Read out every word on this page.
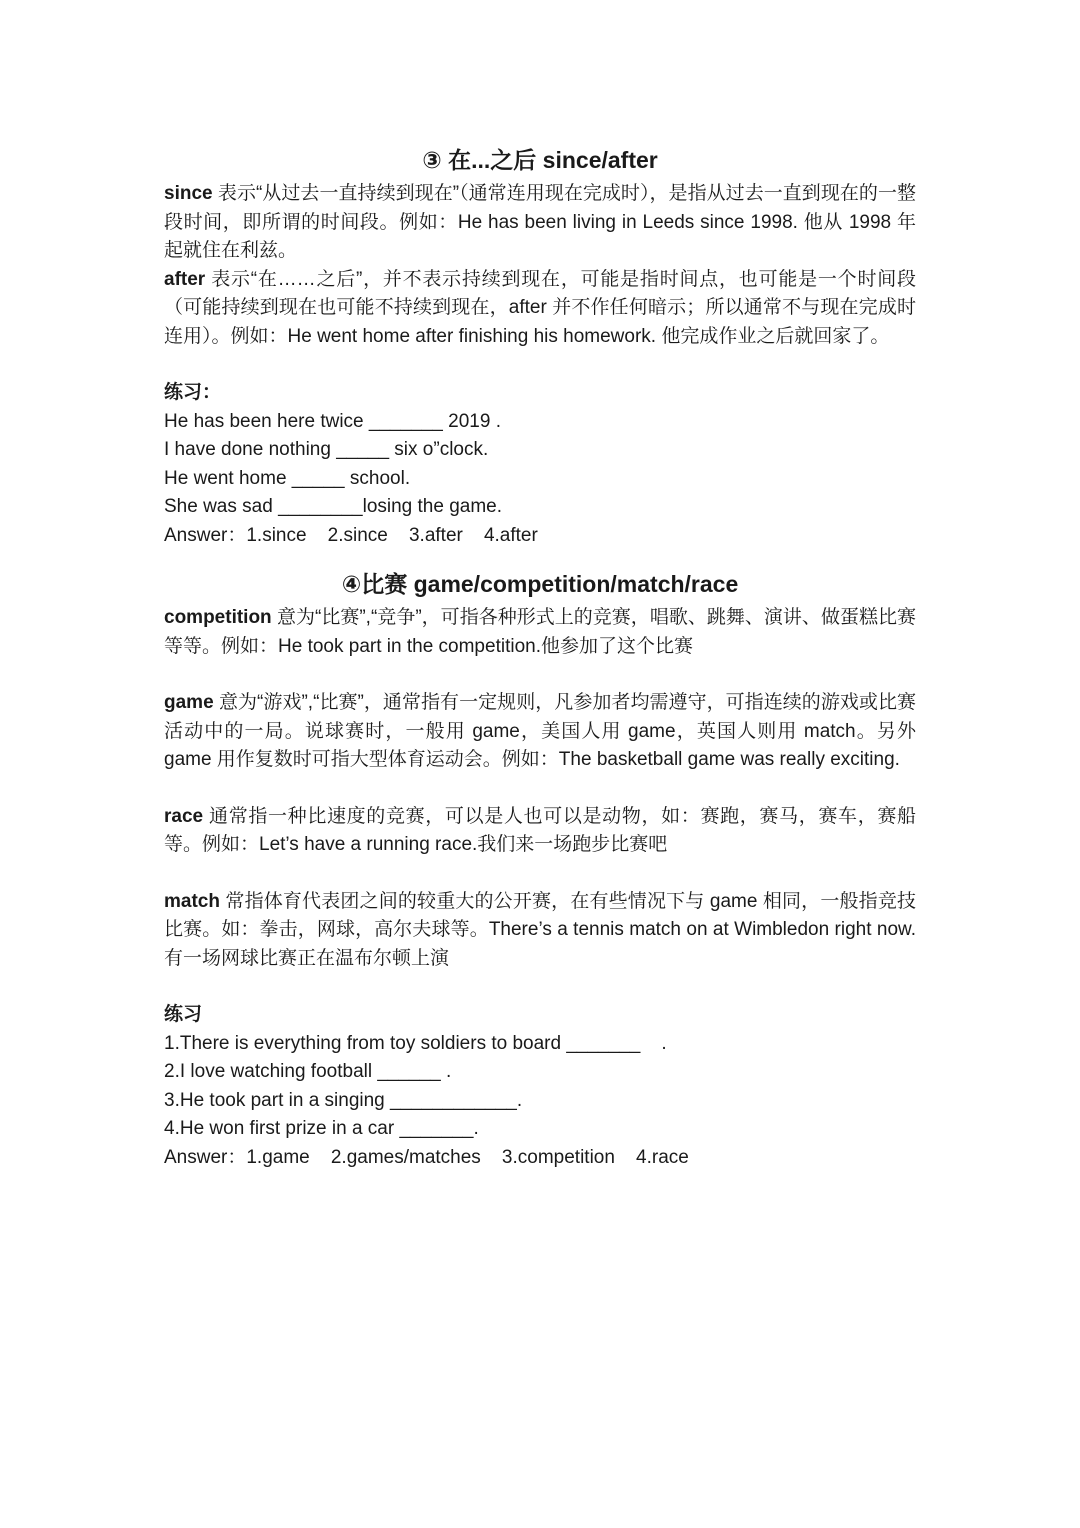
③ 在...之后 since/after

since 表示“从过去一直持续到现在”（通常连用现在完成时），是指从过去一直到现在的一整段时间，即所谓的时间段。例如：He has been living in Leeds since 1998. 他从 1998 年起就住在利兹。

after 表示“在……之后”，并不表示持续到现在，可能是指时间点，也可能是一个时间段（可能持续到现在也可能不持续到现在，after 并不作任何暗示；所以通常不与现在完成时连用）。例如：He went home after finishing his homework. 他完成作业之后就回家了。

练习：

He has been here twice _______ 2019 .

I have done nothing _____ six o”clock.

He went home _____ school.

She was sad ________losing the game.

Answer：1.since    2.since    3.after    4.after

④比赛 game/competition/match/race

competition 意为“比赛”,“竞争”，可指各种形式上的竞赛，唱歌、跳舞、演讲、做蛋糕比赛等等。例如：He took part in the competition.他参加了这个比赛

game 意为“游戏”,“比赛”，通常指有一定规则，凡参加者均需遵守，可指连续的游戏或比赛活动中的一局。说球赛时，一般用 game，美国人用 game，英国人则用 match。另外 game 用作复数时可指大型体育运动会。例如：The basketball game was really exciting.

race 通常指一种比速度的竞赛，可以是人也可以是动物，如：赛跑，赛马，赛车，赛船等。例如：Let’s have a running race.我们来一场跑步比赛吧

match 常指体育代表团之间的较重大的公开赛，在有些情况下与 game 相同，一般指竞技比赛。如：拳击，网球，高尔夫球等。There’s a tennis match on at Wimbledon right now.有一场网球比赛正在温布尔顿上演

练习

1.There is everything from toy soldiers to board _______    .

2.I love watching football ______ .

3.He took part in a singing ____________.

4.He won first prize in a car _______.

Answer：1.game    2.games/matches    3.competition    4.race
